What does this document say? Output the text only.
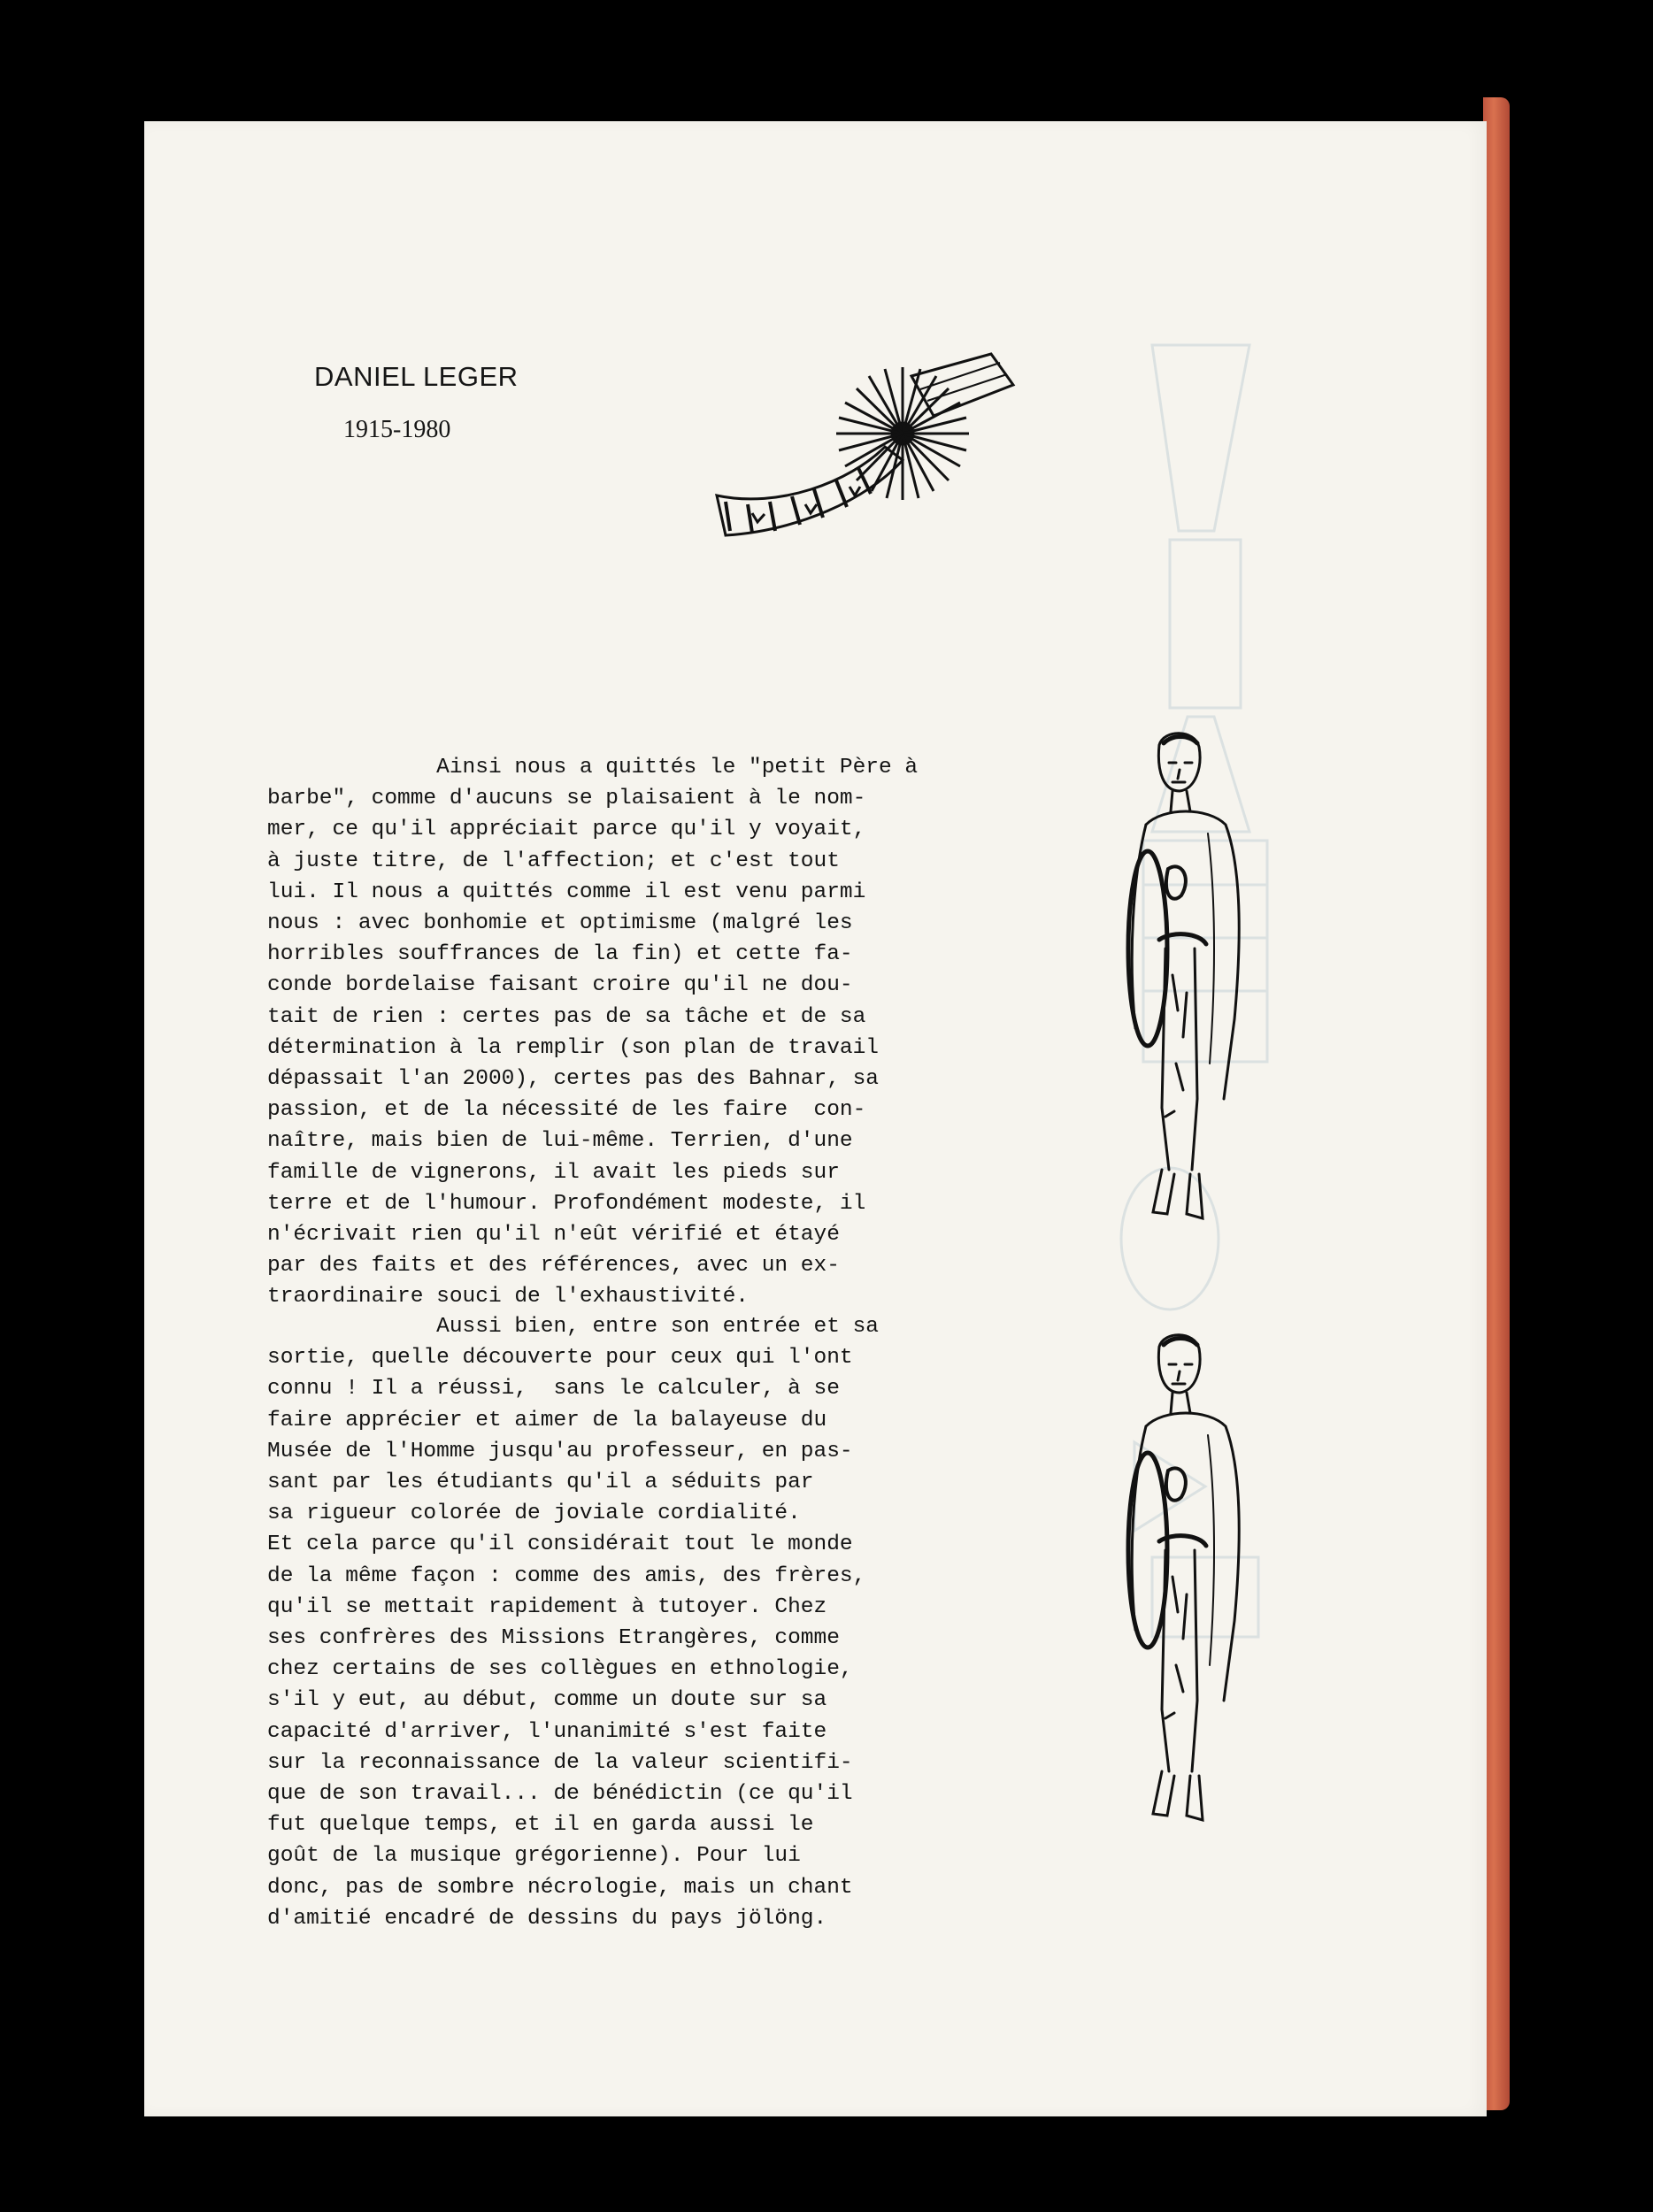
DANIEL LEGER
1915-1980
Ainsi nous a quittés le "petit Père à
barbe", comme d'aucuns se plaisaient à le nom-
mer, ce qu'il appréciait parce qu'il y voyait,
à juste titre, de l'affection; et c'est tout
lui. Il nous a quittés comme il est venu parmi
nous : avec bonhomie et optimisme (malgré les
horribles souffrances de la fin) et cette fa-
conde bordelaise faisant croire qu'il ne dou-
tait de rien : certes pas de sa tâche et de sa
détermination à la remplir (son plan de travail
dépassait l'an 2000), certes pas des Bahnar, sa
passion, et de la nécessité de les faire  con-
naître, mais bien de lui-même. Terrien, d'une
famille de vignerons, il avait les pieds sur
terre et de l'humour. Profondément modeste, il
n'écrivait rien qu'il n'eût vérifié et étayé
par des faits et des références, avec un ex-
traordinaire souci de l'exhaustivité.
Aussi bien, entre son entrée et sa
sortie, quelle découverte pour ceux qui l'ont
connu ! Il a réussi,  sans le calculer, à se
faire apprécier et aimer de la balayeuse du
Musée de l'Homme jusqu'au professeur, en pas-
sant par les étudiants qu'il a séduits par
sa rigueur colorée de joviale cordialité.
Et cela parce qu'il considérait tout le monde
de la même façon : comme des amis, des frères,
qu'il se mettait rapidement à tutoyer. Chez
ses confrères des Missions Etrangères, comme
chez certains de ses collègues en ethnologie,
s'il y eut, au début, comme un doute sur sa
capacité d'arriver, l'unanimité s'est faite
sur la reconnaissance de la valeur scientifi-
que de son travail... de bénédictin (ce qu'il
fut quelque temps, et il en garda aussi le
goût de la musique grégorienne). Pour lui
donc, pas de sombre nécrologie, mais un chant
d'amitié encadré de dessins du pays jölöng.
